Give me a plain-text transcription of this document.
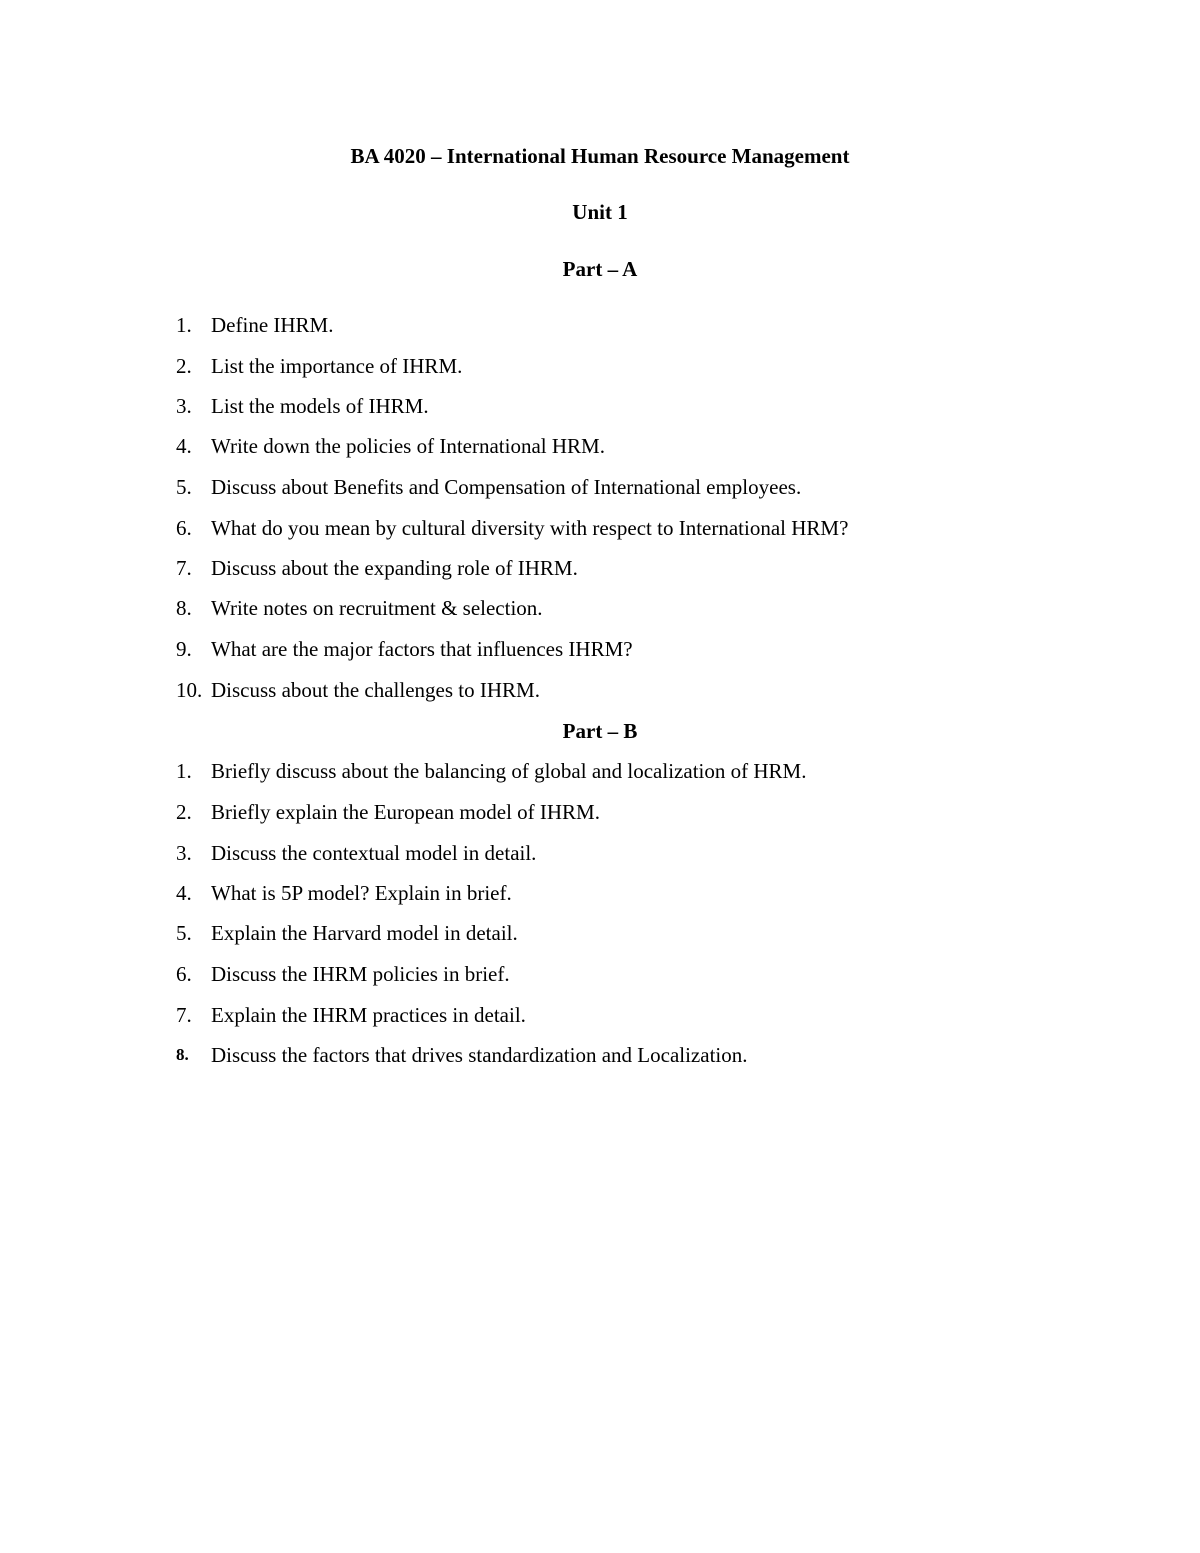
BA 4020 – International Human Resource Management
Unit 1
Part – A
1. Define IHRM.
2. List the importance of IHRM.
3. List the models of IHRM.
4. Write down the policies of International HRM.
5. Discuss about Benefits and Compensation of International employees.
6. What do you mean by cultural diversity with respect to International HRM?
7. Discuss about the expanding role of IHRM.
8. Write notes on recruitment & selection.
9. What are the major factors that influences IHRM?
10. Discuss about the challenges to IHRM.
Part – B
1. Briefly discuss about the balancing of global and localization of HRM.
2. Briefly explain the European model of IHRM.
3. Discuss the contextual model in detail.
4. What is 5P model? Explain in brief.
5. Explain the Harvard model in detail.
6. Discuss the IHRM policies in brief.
7. Explain the IHRM practices in detail.
8. Discuss the factors that drives standardization and Localization.
